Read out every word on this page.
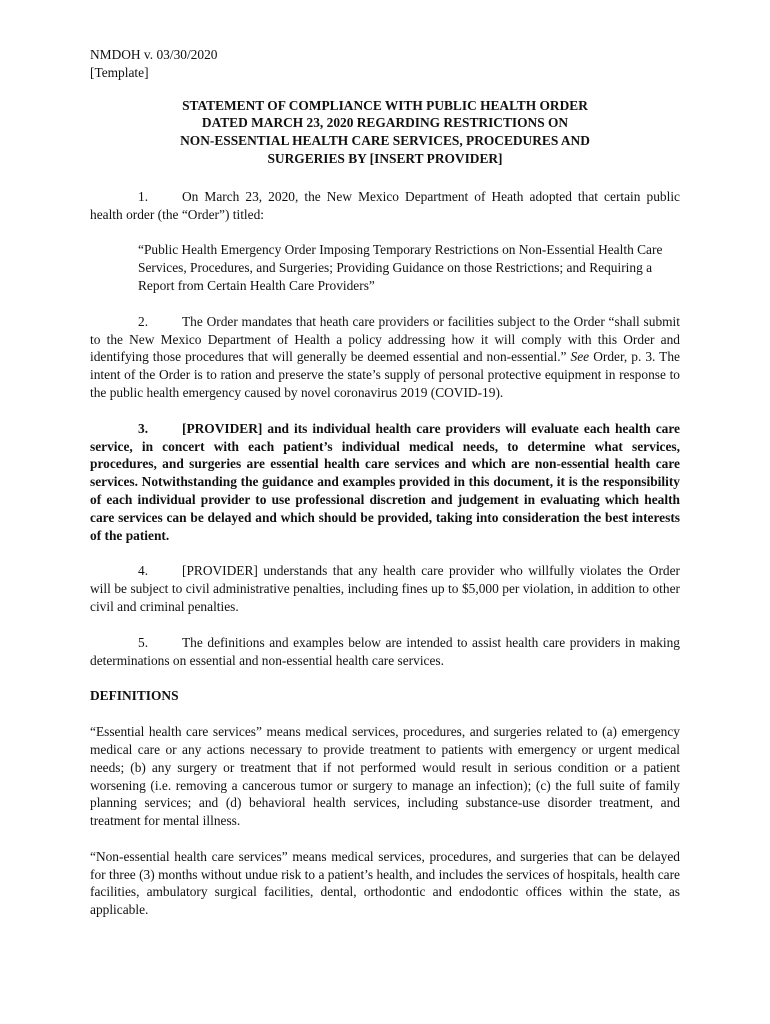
NMDOH v. 03/30/2020
[Template]
STATEMENT OF COMPLIANCE WITH PUBLIC HEALTH ORDER
DATED MARCH 23, 2020 REGARDING RESTRICTIONS ON
NON-ESSENTIAL HEALTH CARE SERVICES, PROCEDURES AND
SURGERIES BY [INSERT PROVIDER]

1.	On March 23, 2020, the New Mexico Department of Heath adopted that certain public health order (the “Order”) titled:

“Public Health Emergency Order Imposing Temporary Restrictions on Non-Essential Health Care Services, Procedures, and Surgeries; Providing Guidance on those Restrictions; and Requiring a Report from Certain Health Care Providers”

2.	The Order mandates that heath care providers or facilities subject to the Order “shall submit to the New Mexico Department of Health a policy addressing how it will comply with this Order and identifying those procedures that will generally be deemed essential and non-essential.” See Order, p. 3. The intent of the Order is to ration and preserve the state’s supply of personal protective equipment in response to the public health emergency caused by novel coronavirus 2019 (COVID-19).

3.	[PROVIDER] and its individual health care providers will evaluate each health care service, in concert with each patient’s individual medical needs, to determine what services, procedures, and surgeries are essential health care services and which are non-essential health care services. Notwithstanding the guidance and examples provided in this document, it is the responsibility of each individual provider to use professional discretion and judgement in evaluating which health care services can be delayed and which should be provided, taking into consideration the best interests of the patient.

4.	[PROVIDER] understands that any health care provider who willfully violates the Order will be subject to civil administrative penalties, including fines up to $5,000 per violation, in addition to other civil and criminal penalties.

5.	The definitions and examples below are intended to assist health care providers in making determinations on essential and non-essential health care services.

DEFINITIONS

“Essential health care services” means medical services, procedures, and surgeries related to (a) emergency medical care or any actions necessary to provide treatment to patients with emergency or urgent medical needs; (b) any surgery or treatment that if not performed would result in serious condition or a patient worsening (i.e. removing a cancerous tumor or surgery to manage an infection); (c) the full suite of family planning services; and (d) behavioral health services, including substance-use disorder treatment, and treatment for mental illness.

“Non-essential health care services” means medical services, procedures, and surgeries that can be delayed for three (3) months without undue risk to a patient’s health, and includes the services of hospitals, health care facilities, ambulatory surgical facilities, dental, orthodontic and endodontic offices within the state, as applicable.
